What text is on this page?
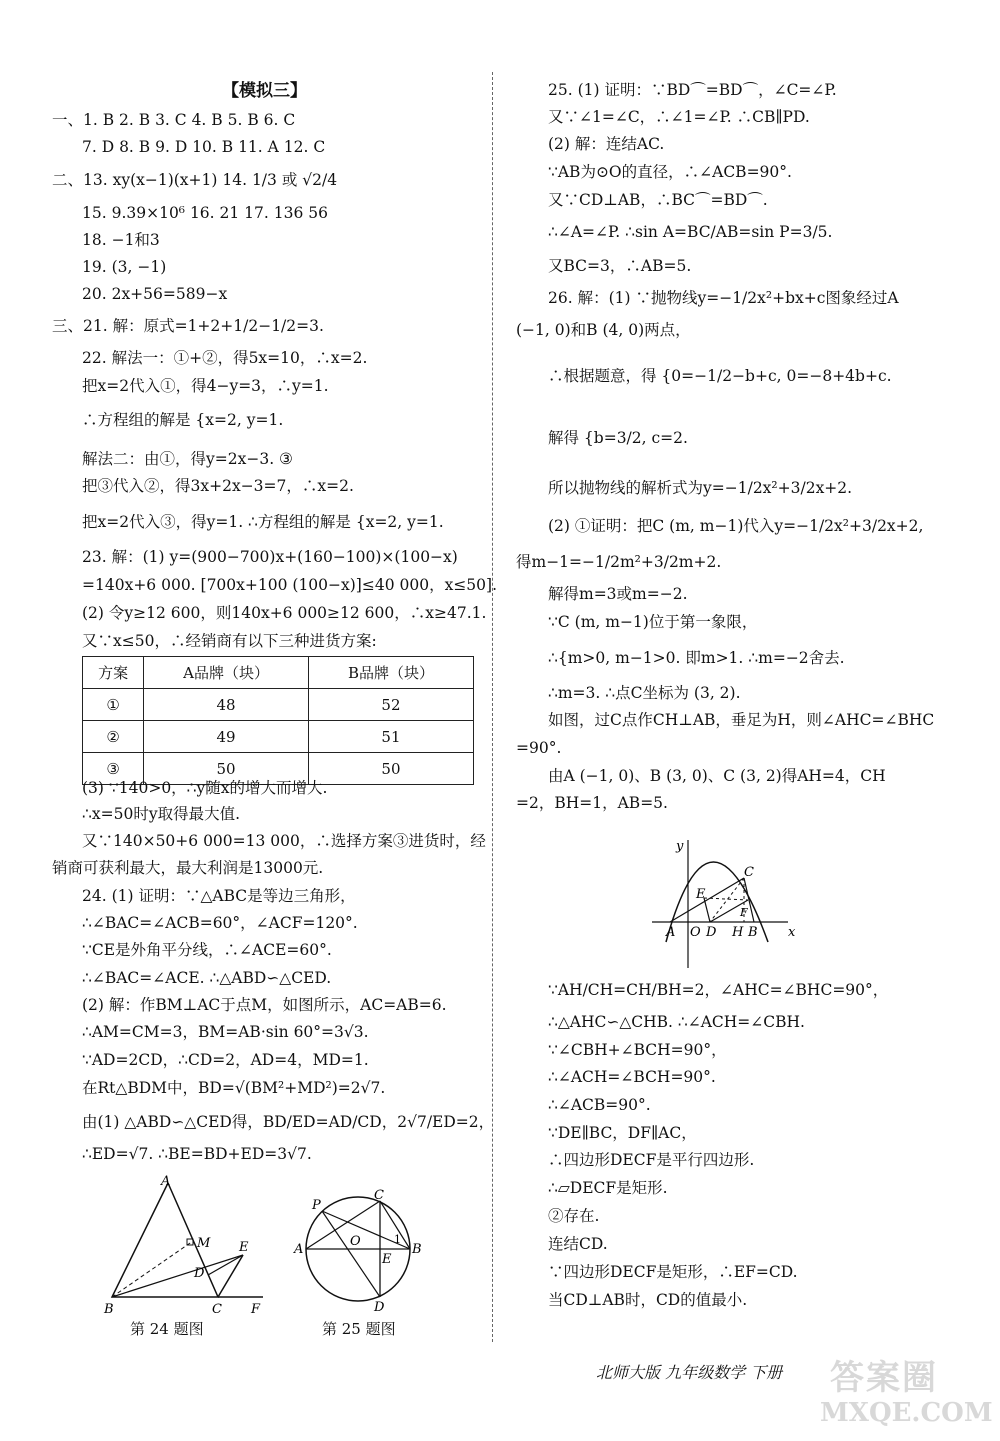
【模拟三】
一、1. B 2. B 3. C 4. B 5. B 6. C
7. D 8. B 9. D 10. B 11. A 12. C
二、13. xy(x−1)(x+1) 14. 1/3 或 √2/4
15. 9.39×10⁶ 16. 21 17. 136 56
18. −1和3
19. (3, −1)
20. 2x+56=589−x
三、21. 解：原式=1+2+1/2−1/2=3.
22. 解法一：①+②，得5x=10，∴x=2.
把x=2代入①，得4−y=3，∴y=1.
∴方程组的解是 {x=2, y=1.
解法二：由①，得y=2x−3. ③
把③代入②，得3x+2x−3=7，∴x=2.
把x=2代入③，得y=1. ∴方程组的解是 {x=2, y=1.
23. 解：(1) y=(900−700)x+(160−100)×(100−x)
=140x+6 000. [700x+100 (100−x)]≤40 000，x≤50].
(2) 令y≥12 600，则140x+6 000≥12 600，∴x≥47.1.
又∵x≤50，∴经销商有以下三种进货方案:
方案	A品牌（块）	B品牌（块）
①	48	52
②	49	51
③	50	50
(3) ∵140>0，∴y随x的增大而增大.
∴x=50时y取得最大值.
又∵140×50+6 000=13 000，∴选择方案③进货时，经
销商可获利最大，最大利润是13000元.
24. (1) 证明：∵△ABC是等边三角形，
∴∠BAC=∠ACB=60°，∠ACF=120°.
∵CE是外角平分线，∴∠ACE=60°.
∴∠BAC=∠ACE. ∴△ABD∽△CED.
(2) 解：作BM⊥AC于点M，如图所示，AC=AB=6.
∴AM=CM=3，BM=AB·sin 60°=3√3.
∵AD=2CD，∴CD=2，AD=4，MD=1.
在Rt△BDM中，BD=√(BM²+MD²)=2√7.
由(1) △ABD∽△CED得，BD/ED=AD/CD，2√7/ED=2，
∴ED=√7. ∴BE=BD+ED=3√7.
A
M E
D
B	C F
第 24 题图
P
C
A
O	1
E
B
D
第 25 题图
25. (1) 证明：∵BD⌒=BD⌒，∠C=∠P.
又∵∠1=∠C，∴∠1=∠P. ∴CB∥PD.
(2) 解：连结AC.
∵AB为⊙O的直径，∴∠ACB=90°.
又∵CD⊥AB，∴BC⌒=BD⌒.
∴∠A=∠P. ∴sin A=BC/AB=sin P=3/5.
又BC=3，∴AB=5.
26. 解：(1) ∵抛物线y=−1/2x²+bx+c图象经过A
(−1, 0)和B (4, 0)两点，
∴根据题意，得 {0=−1/2−b+c, 0=−8+4b+c.
解得 {b=3/2, c=2.
所以抛物线的解析式为y=−1/2x²+3/2x+2.
(2) ①证明：把C (m, m−1)代入y=−1/2x²+3/2x+2,
得m−1=−1/2m²+3/2m+2.
解得m=3或m=−2.
∵C (m, m−1)位于第一象限，
∴{m>0, m−1>0. 即m>1. ∴m=−2舍去.
∴m=3. ∴点C坐标为 (3, 2).
如图，过C点作CH⊥AB，垂足为H，则∠AHC=∠BHC
=90°.
由A (−1, 0)、B (3, 0)、C (3, 2)得AH=4，CH
=2，BH=1，AB=5.
y
C
E
F
A O D H B x
∵AH/CH=CH/BH=2，∠AHC=∠BHC=90°，
∴△AHC∽△CHB. ∴∠ACH=∠CBH.
∵∠CBH+∠BCH=90°，
∴∠ACH=∠BCH=90°.
∴∠ACB=90°.
∵DE∥BC，DF∥AC，
∴四边形DECF是平行四边形.
∴▱DECF是矩形.
②存在.
连结CD.
∵四边形DECF是矩形，∴EF=CD.
当CD⊥AB时，CD的值最小.
北师大版 九年级数学 下册 答案圈
MXQE.COM
